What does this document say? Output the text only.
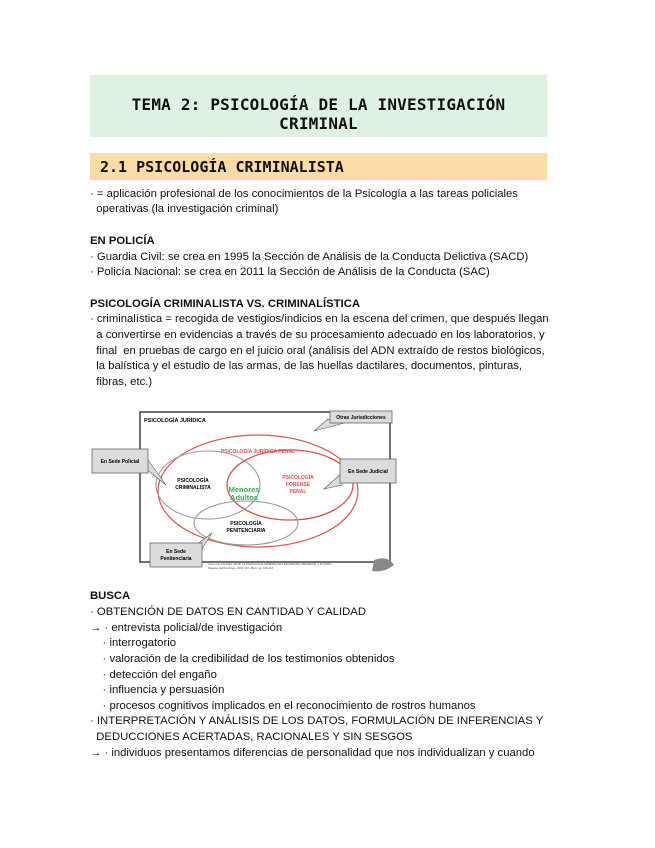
TEMA 2: PSICOLOGÍA DE LA INVESTIGACIÓN CRIMINAL
2.1 PSICOLOGÍA CRIMINALISTA
· = aplicación profesional de los conocimientos de la Psicología a las tareas policiales
operativas (la investigación criminal)
EN POLICÍA
· Guardia Civil: se crea en 1995 la Sección de Análisis de la Conducta Delictiva (SACD)
· Policía Nacional: se crea en 2011 la Sección de Análisis de la Conducta (SAC)
PSICOLOGÍA CRIMINALISTA VS. CRIMINALÍSTICA
· criminalística = recogida de vestigios/indicios en la escena del crimen, que después llegan
a convertirse en evidencias a través de su procesamiento adecuado en los laboratorios, y
final  en pruebas de cargo en el juicio oral (análisis del ADN extraído de restos biológicos,
la balística y el estudio de las armas, de las huellas dactilares, documentos, pinturas,
fibras, etc.)
PSICOLOGÍA JURÍDICA
PSICOLOGÍA JURÍDICA PENAL
PSICOLOGÍA
CRIMINALISTA
PSICOLOGÍA
FORENSE
PENAL
PSICOLOGÍA
PENITENCIARIA
Menores
Adultos
Otras Jurisdicciones
En Sede Policial
En Sede Judicial
En Sede
Penitenciaria
José Luis González (2015) LA PSICOLOGÍA CRIMINALISTA EN ESPAÑA: PRESENTE Y FUTURO
Papeles del Psicólogo, 2015. Vol. 36(2), pp. 109-116
BUSCA
· OBTENCIÓN DE DATOS EN CANTIDAD Y CALIDAD
→ · entrevista policial/de investigación
· interrogatorio
· valoración de la credibilidad de los testimonios obtenidos
· detección del engaño
· influencia y persuasión
· procesos cognitivos implicados en el reconocimiento de rostros humanos
· INTERPRETACIÓN Y ANÁLISIS DE LOS DATOS, FORMULACIÓN DE INFERENCIAS Y
DEDUCCIONES ACERTADAS, RACIONALES Y SIN SESGOS
→ · individuos presentamos diferencias de personalidad que nos individualizan y cuando
